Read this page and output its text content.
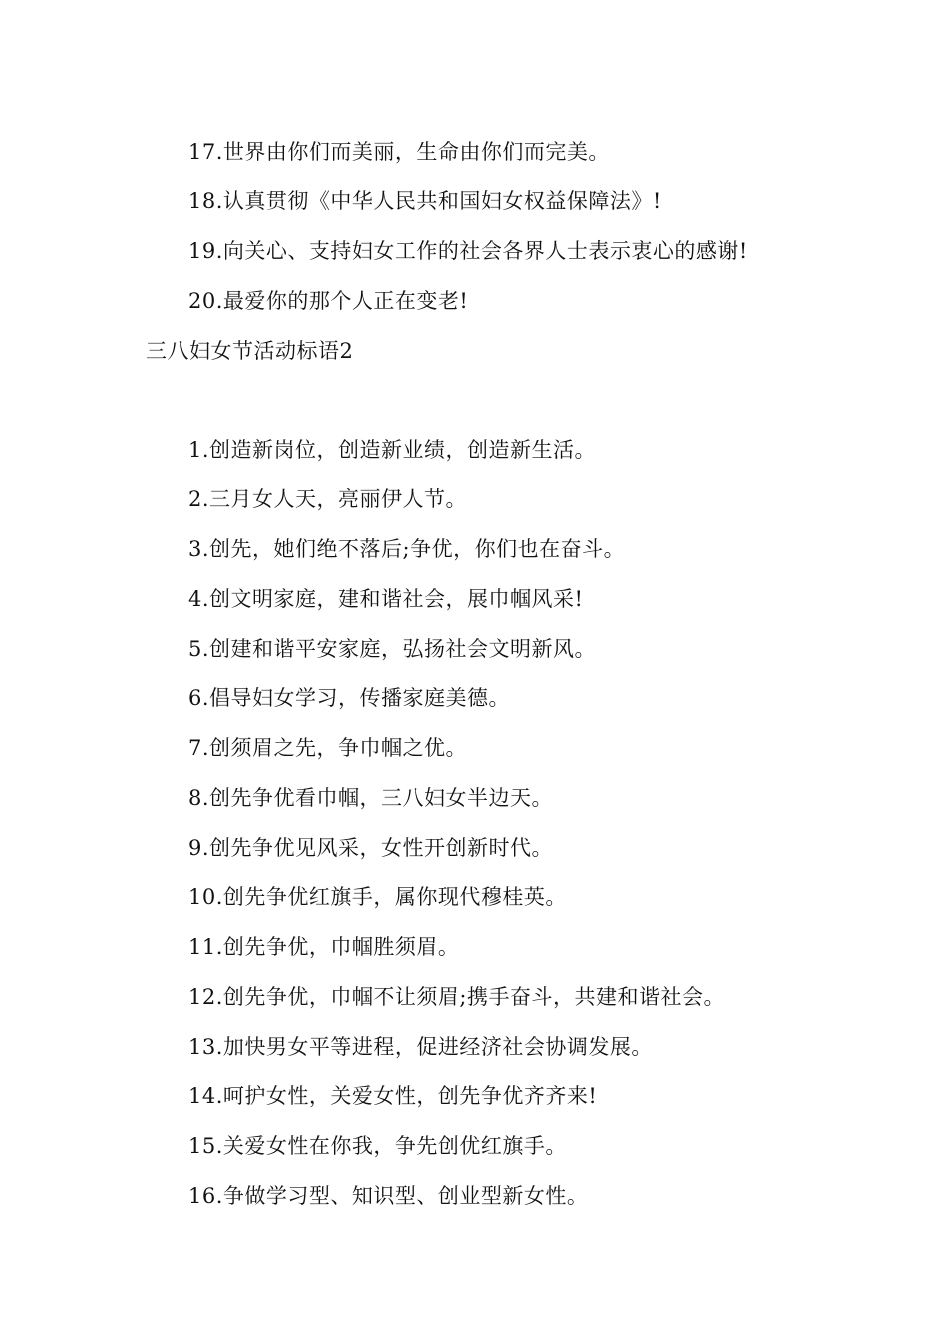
17.世界由你们而美丽，生命由你们而完美。
18.认真贯彻《中华人民共和国妇女权益保障法》!
19.向关心、支持妇女工作的社会各界人士表示衷心的感谢!
20.最爱你的那个人正在变老!
三八妇女节活动标语2
1.创造新岗位，创造新业绩，创造新生活。
2.三月女人天，亮丽伊人节。
3.创先，她们绝不落后;争优，你们也在奋斗。
4.创文明家庭，建和谐社会，展巾帼风采!
5.创建和谐平安家庭，弘扬社会文明新风。
6.倡导妇女学习，传播家庭美德。
7.创须眉之先，争巾帼之优。
8.创先争优看巾帼，三八妇女半边天。
9.创先争优见风采，女性开创新时代。
10.创先争优红旗手，属你现代穆桂英。
11.创先争优，巾帼胜须眉。
12.创先争优，巾帼不让须眉;携手奋斗，共建和谐社会。
13.加快男女平等进程，促进经济社会协调发展。
14.呵护女性，关爱女性，创先争优齐齐来!
15.关爱女性在你我，争先创优红旗手。
16.争做学习型、知识型、创业型新女性。
